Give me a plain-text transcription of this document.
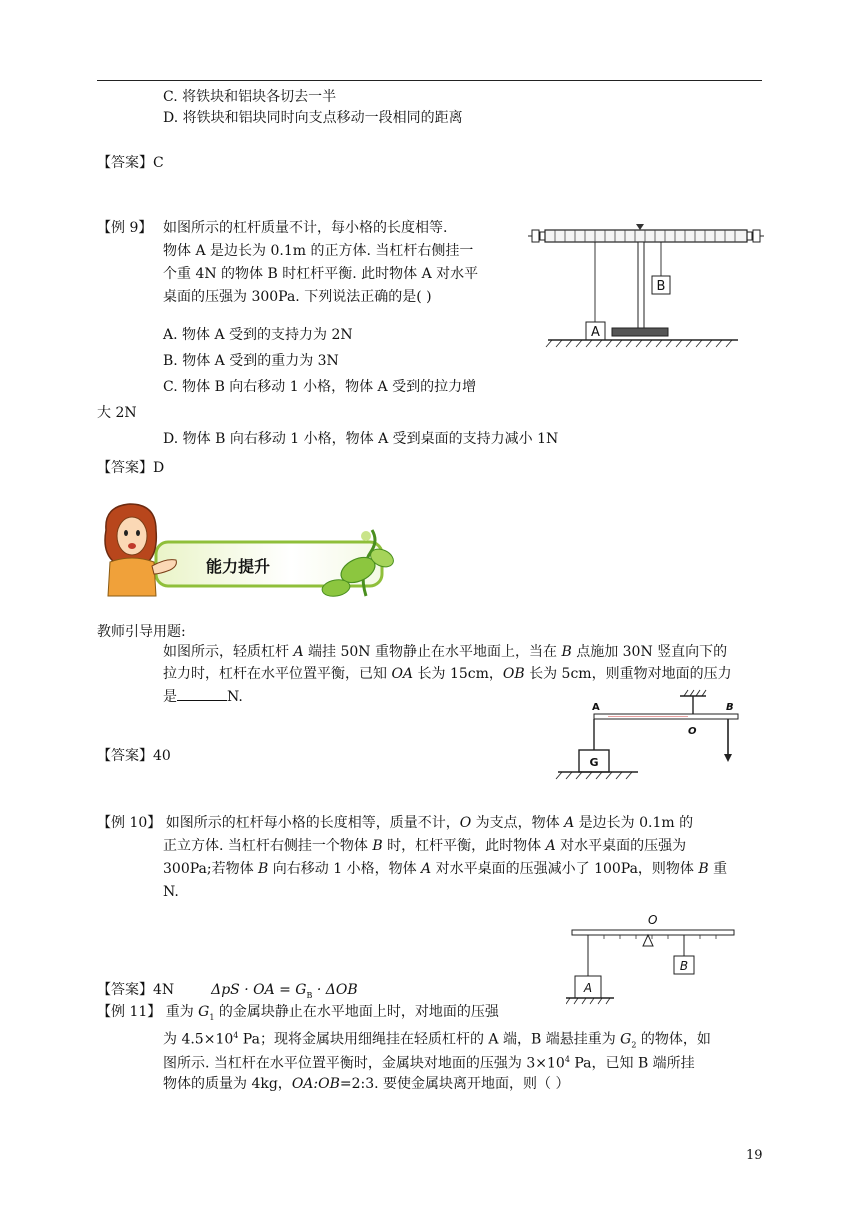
C. 将铁块和铝块各切去一半
D. 将铁块和铝块同时向支点移动一段相同的距离
【答案】C
【例 9】 如图所示的杠杆质量不计，每小格的长度相等.
物体 A 是边长为 0.1m 的正方体. 当杠杆右侧挂一
个重 4N 的物体 B 时杠杆平衡. 此时物体 A 对水平
桌面的压强为 300Pa. 下列说法正确的是( )
A. 物体 A 受到的支持力为 2N
B. 物体 A 受到的重力为 3N
C. 物体 B 向右移动 1 小格，物体 A 受到的拉力增
大 2N
D. 物体 B 向右移动 1 小格，物体 A 受到桌面的支持力减小 1N
【答案】D
A
B
能力提升
教师引导用题:
如图所示，轻质杠杆 A 端挂 50N 重物静止在水平地面上，当在 B 点施加 30N 竖直向下的
拉力时，杠杆在水平位置平衡，已知 OA 长为 15cm，OB 长为 5cm，则重物对地面的压力
是	N.
【答案】40
A	B
O
G
【例 10】 如图所示的杠杆每小格的长度相等，质量不计，O 为支点，物体 A 是边长为 0.1m 的
正立方体. 当杠杆右侧挂一个物体 B 时，杠杆平衡，此时物体 A 对水平桌面的压强为
300Pa;若物体 B 向右移动 1 小格，物体 A 对水平桌面的压强减小了 100Pa，则物体 B 重
N.
【答案】4N	ΔpS · OA = $G_B \cdot \Delta OB$
O
A
B
【例 11】 重为 $G_1$ 的金属块静止在水平地面上时，对地面的压强
为 $4.5\times 10^4$ Pa；现将金属块用细绳挂在轻质杠杆的 A 端，B 端悬挂重为 $G_2$ 的物体，如
图所示. 当杠杆在水平位置平衡时，金属块对地面的压强为 $3\times 10^4$ Pa，已知 B 端所挂
物体的质量为 4kg，OA:OB=2:3. 要使金属块离开地面，则（ ）
19
